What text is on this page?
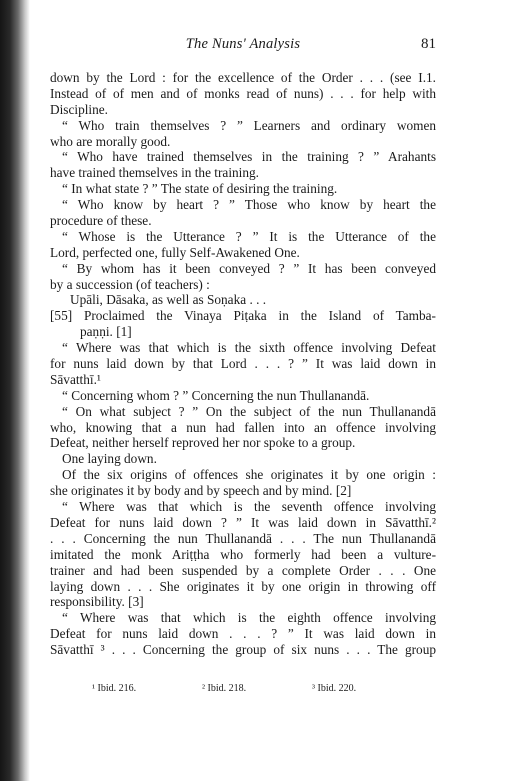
The Nuns' Analysis	81
down by the Lord : for the excellence of the Order . . . (see I.1.
Instead of of men and of monks read of nuns) . . . for help with
Discipline.
“ Who train themselves ? ” Learners and ordinary women
who are morally good.
“ Who have trained themselves in the training ? ” Arahants
have trained themselves in the training.
“ In what state ? ” The state of desiring the training.
“ Who know by heart ? ” Those who know by heart the
procedure of these.
“ Whose is the Utterance ? ” It is the Utterance of the
Lord, perfected one, fully Self-Awakened One.
“ By whom has it been conveyed ? ” It has been conveyed
by a succession (of teachers) :
Upāli, Dāsaka, as well as Soṇaka . . .
[55] Proclaimed the Vinaya Piṭaka in the Island of Tamba-
paṇṇi. [1]
“ Where was that which is the sixth offence involving Defeat
for nuns laid down by that Lord . . . ? ” It was laid down in
Sāvatthī.¹
“ Concerning whom ? ” Concerning the nun Thullanandā.
“ On what subject ? ” On the subject of the nun Thullanandā
who, knowing that a nun had fallen into an offence involving
Defeat, neither herself reproved her nor spoke to a group.
One laying down.
Of the six origins of offences she originates it by one origin :
she originates it by body and by speech and by mind. [2]
“ Where was that which is the seventh offence involving
Defeat for nuns laid down ? ” It was laid down in Sāvatthī.²
. . . Concerning the nun Thullanandā . . . The nun Thullanandā
imitated the monk Ariṭṭha who formerly had been a vulture-
trainer and had been suspended by a complete Order . . . One
laying down . . . She originates it by one origin in throwing off
responsibility. [3]
“ Where was that which is the eighth offence involving
Defeat for nuns laid down . . . ? ” It was laid down in
Sāvatthī ³ . . . Concerning the group of six nuns . . . The group
¹ Ibid. 216.	² Ibid. 218.	³ Ibid. 220.
